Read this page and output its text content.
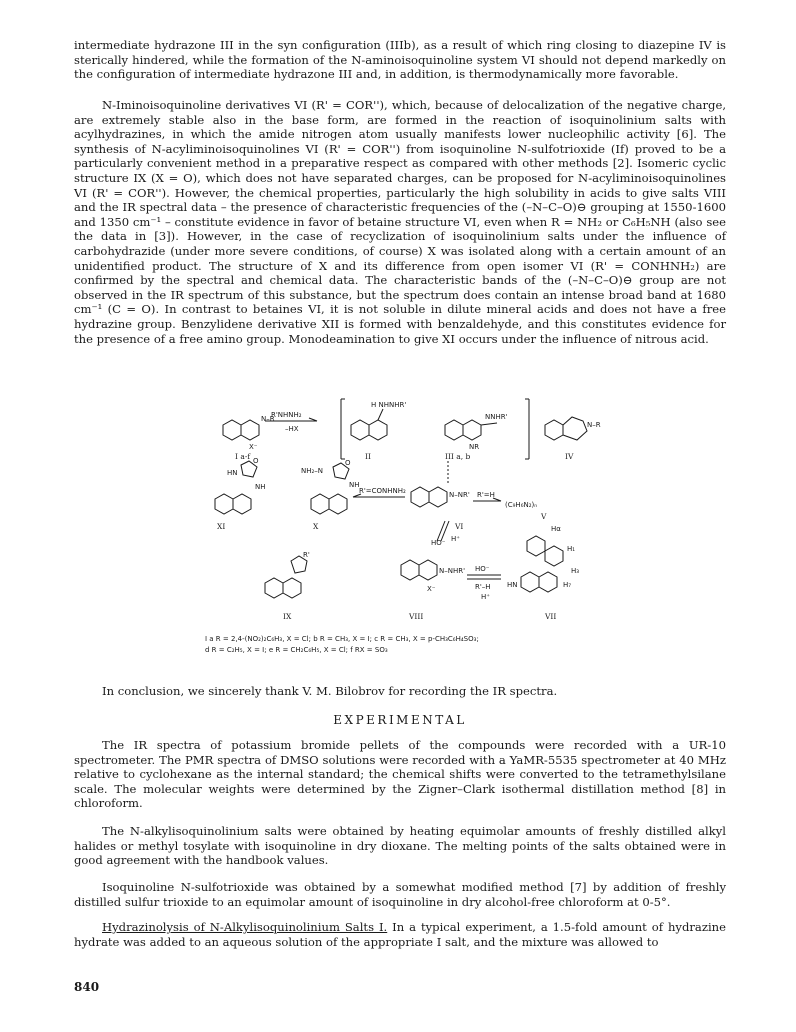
intermediate hydrazone III in the syn configuration (IIIb), as a result of which ring closing to diazepine IV is sterically hindered, while the formation of the N-aminoisoquinoline system VI should not depend markedly on the configuration of intermediate hydrazone III and, in addition, is thermodynamically more favorable.

N-Iminoisoquinoline derivatives VI (R' = COR''), which, because of delocalization of the negative charge, are extremely stable also in the base form, are formed in the reaction of isoquinolinium salts with acylhydrazines, in which the amide nitrogen atom usually manifests lower nucleophilic activity [6]. The synthesis of N-acyliminoisoquinolines VI (R' = COR'') from isoquinoline N-sulfotrioxide (If) proved to be a particularly convenient method in a preparative respect as compared with other methods [2]. Isomeric cyclic structure IX (X = O), which does not have separated charges, can be proposed for N-acyliminoisoquinolines VI (R' = COR''). However, the chemical properties, particularly the high solubility in acids to give salts VIII and the IR spectral data – the presence of characteristic frequencies of the (–N–C–O)⊖ grouping at 1550-1600 and 1350 cm⁻¹ – constitute evidence in favor of betaine structure VI, even when R = NH₂ or C₆H₅NH (also see the data in [3]). However, in the case of recyclization of isoquinolinium salts under the influence of carbohydrazide (under more severe conditions, of course) X was isolated along with a certain amount of an unidentified product. The structure of X and its difference from open isomer VI (R' = CONHNH₂) are confirmed by the spectral and chemical data. The characteristic bands of the (–N–C–O)⊖ group are not observed in the IR spectrum of this substance, but the spectrum does contain an intense broad band at 1680 cm⁻¹ (C = O). In contrast to betaines VI, it is not soluble in dilute mineral acids and does not have a free hydrazine group. Benzylidene derivative XII is formed with benzaldehyde, and this constitutes evidence for the presence of a free amino group. Monodeamination to give XI occurs under the influence of nitrous acid.

N–R
R'NHNH₂
–HX
X⁻
I a-f
H NHNHR'
II
NNHR'
NR
III a, b
N–R
IV
HN
O
NH
NH₂–N
O
NH
R'=CONHNH₂	N–NR' R'=H
(C₉H₆N₂)ₙ
V
XI	X	VI
HO⁻ H⁺
N–NHR'
X⁻
HO⁻
R'–H
H⁺
Hα
H₁
H₃
H₇
HN
R'
IX	VIII	VII
I a R = 2,4-(NO₂)₂C₆H₃, X = Cl; b R = CH₃, X = I; c R = CH₃, X = p-CH₃C₆H₄SO₃;
d R = C₂H₅, X = I; e R = CH₂C₆H₅, X = Cl; f RX = SO₃

In conclusion, we sincerely thank V. M. Bilobrov for recording the IR spectra.

EXPERIMENTAL

The IR spectra of potassium bromide pellets of the compounds were recorded with a UR-10 spectrometer. The PMR spectra of DMSO solutions were recorded with a YaMR-5535 spectrometer at 40 MHz relative to cyclohexane as the internal standard; the chemical shifts were converted to the tetramethylsilane scale. The molecular weights were determined by the Zigner–Clark isothermal distillation method [8] in chloroform.

The N-alkylisoquinolinium salts were obtained by heating equimolar amounts of freshly distilled alkyl halides or methyl tosylate with isoquinoline in dry dioxane. The melting points of the salts obtained were in good agreement with the handbook values.

Isoquinoline N-sulfotrioxide was obtained by a somewhat modified method [7] by addition of freshly distilled sulfur trioxide to an equimolar amount of isoquinoline in dry alcohol-free chloroform at 0-5°.

Hydrazinolysis of N-Alkylisoquinolinium Salts I. In a typical experiment, a 1.5-fold amount of hydrazine hydrate was added to an aqueous solution of the appropriate I salt, and the mixture was allowed to

840
